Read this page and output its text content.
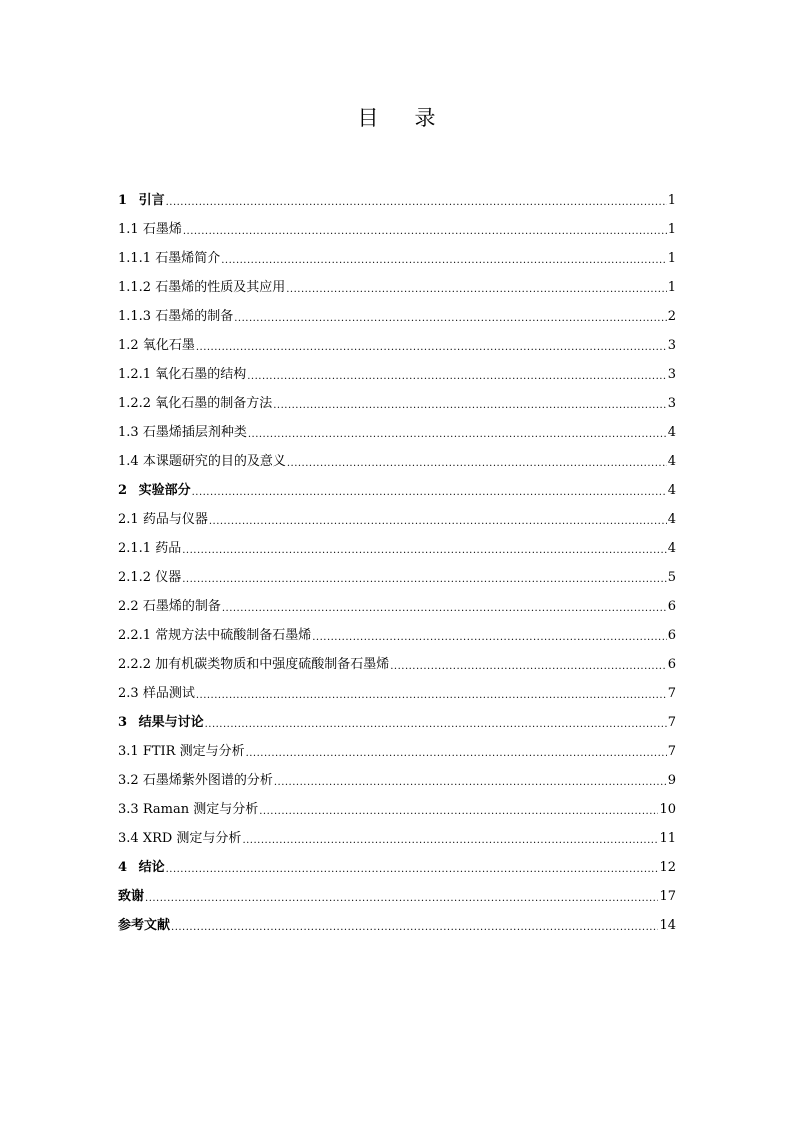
目 录
1 引言 .....	1
1.1 石墨烯 .....	1
1.1.1 石墨烯简介 .....	1
1.1.2 石墨烯的性质及其应用 .....	1
1.1.3 石墨烯的制备 .....	2
1.2 氧化石墨 .....	3
1.2.1 氧化石墨的结构 .....	3
1.2.2 氧化石墨的制备方法 .....	3
1.3 石墨烯插层剂种类 .....	4
1.4 本课题研究的目的及意义 .....	4
2 实验部分 .....	4
2.1 药品与仪器 .....	4
2.1.1 药品 .....	4
2.1.2 仪器 .....	5
2.2 石墨烯的制备 .....	6
2.2.1 常规方法中硫酸制备石墨烯 .....	6
2.2.2 加有机碳类物质和中强度硫酸制备石墨烯 .....	6
2.3 样品测试 .....	7
3 结果与讨论 .....	7
3.1 FTIR 测定与分析 .....	7
3.2 石墨烯紫外图谱的分析 .....	9
3.3 Raman 测定与分析 .....	10
3.4 XRD 测定与分析 .....	11
4 结论 .....	12
致谢 .....	17
参考文献 .....	14
